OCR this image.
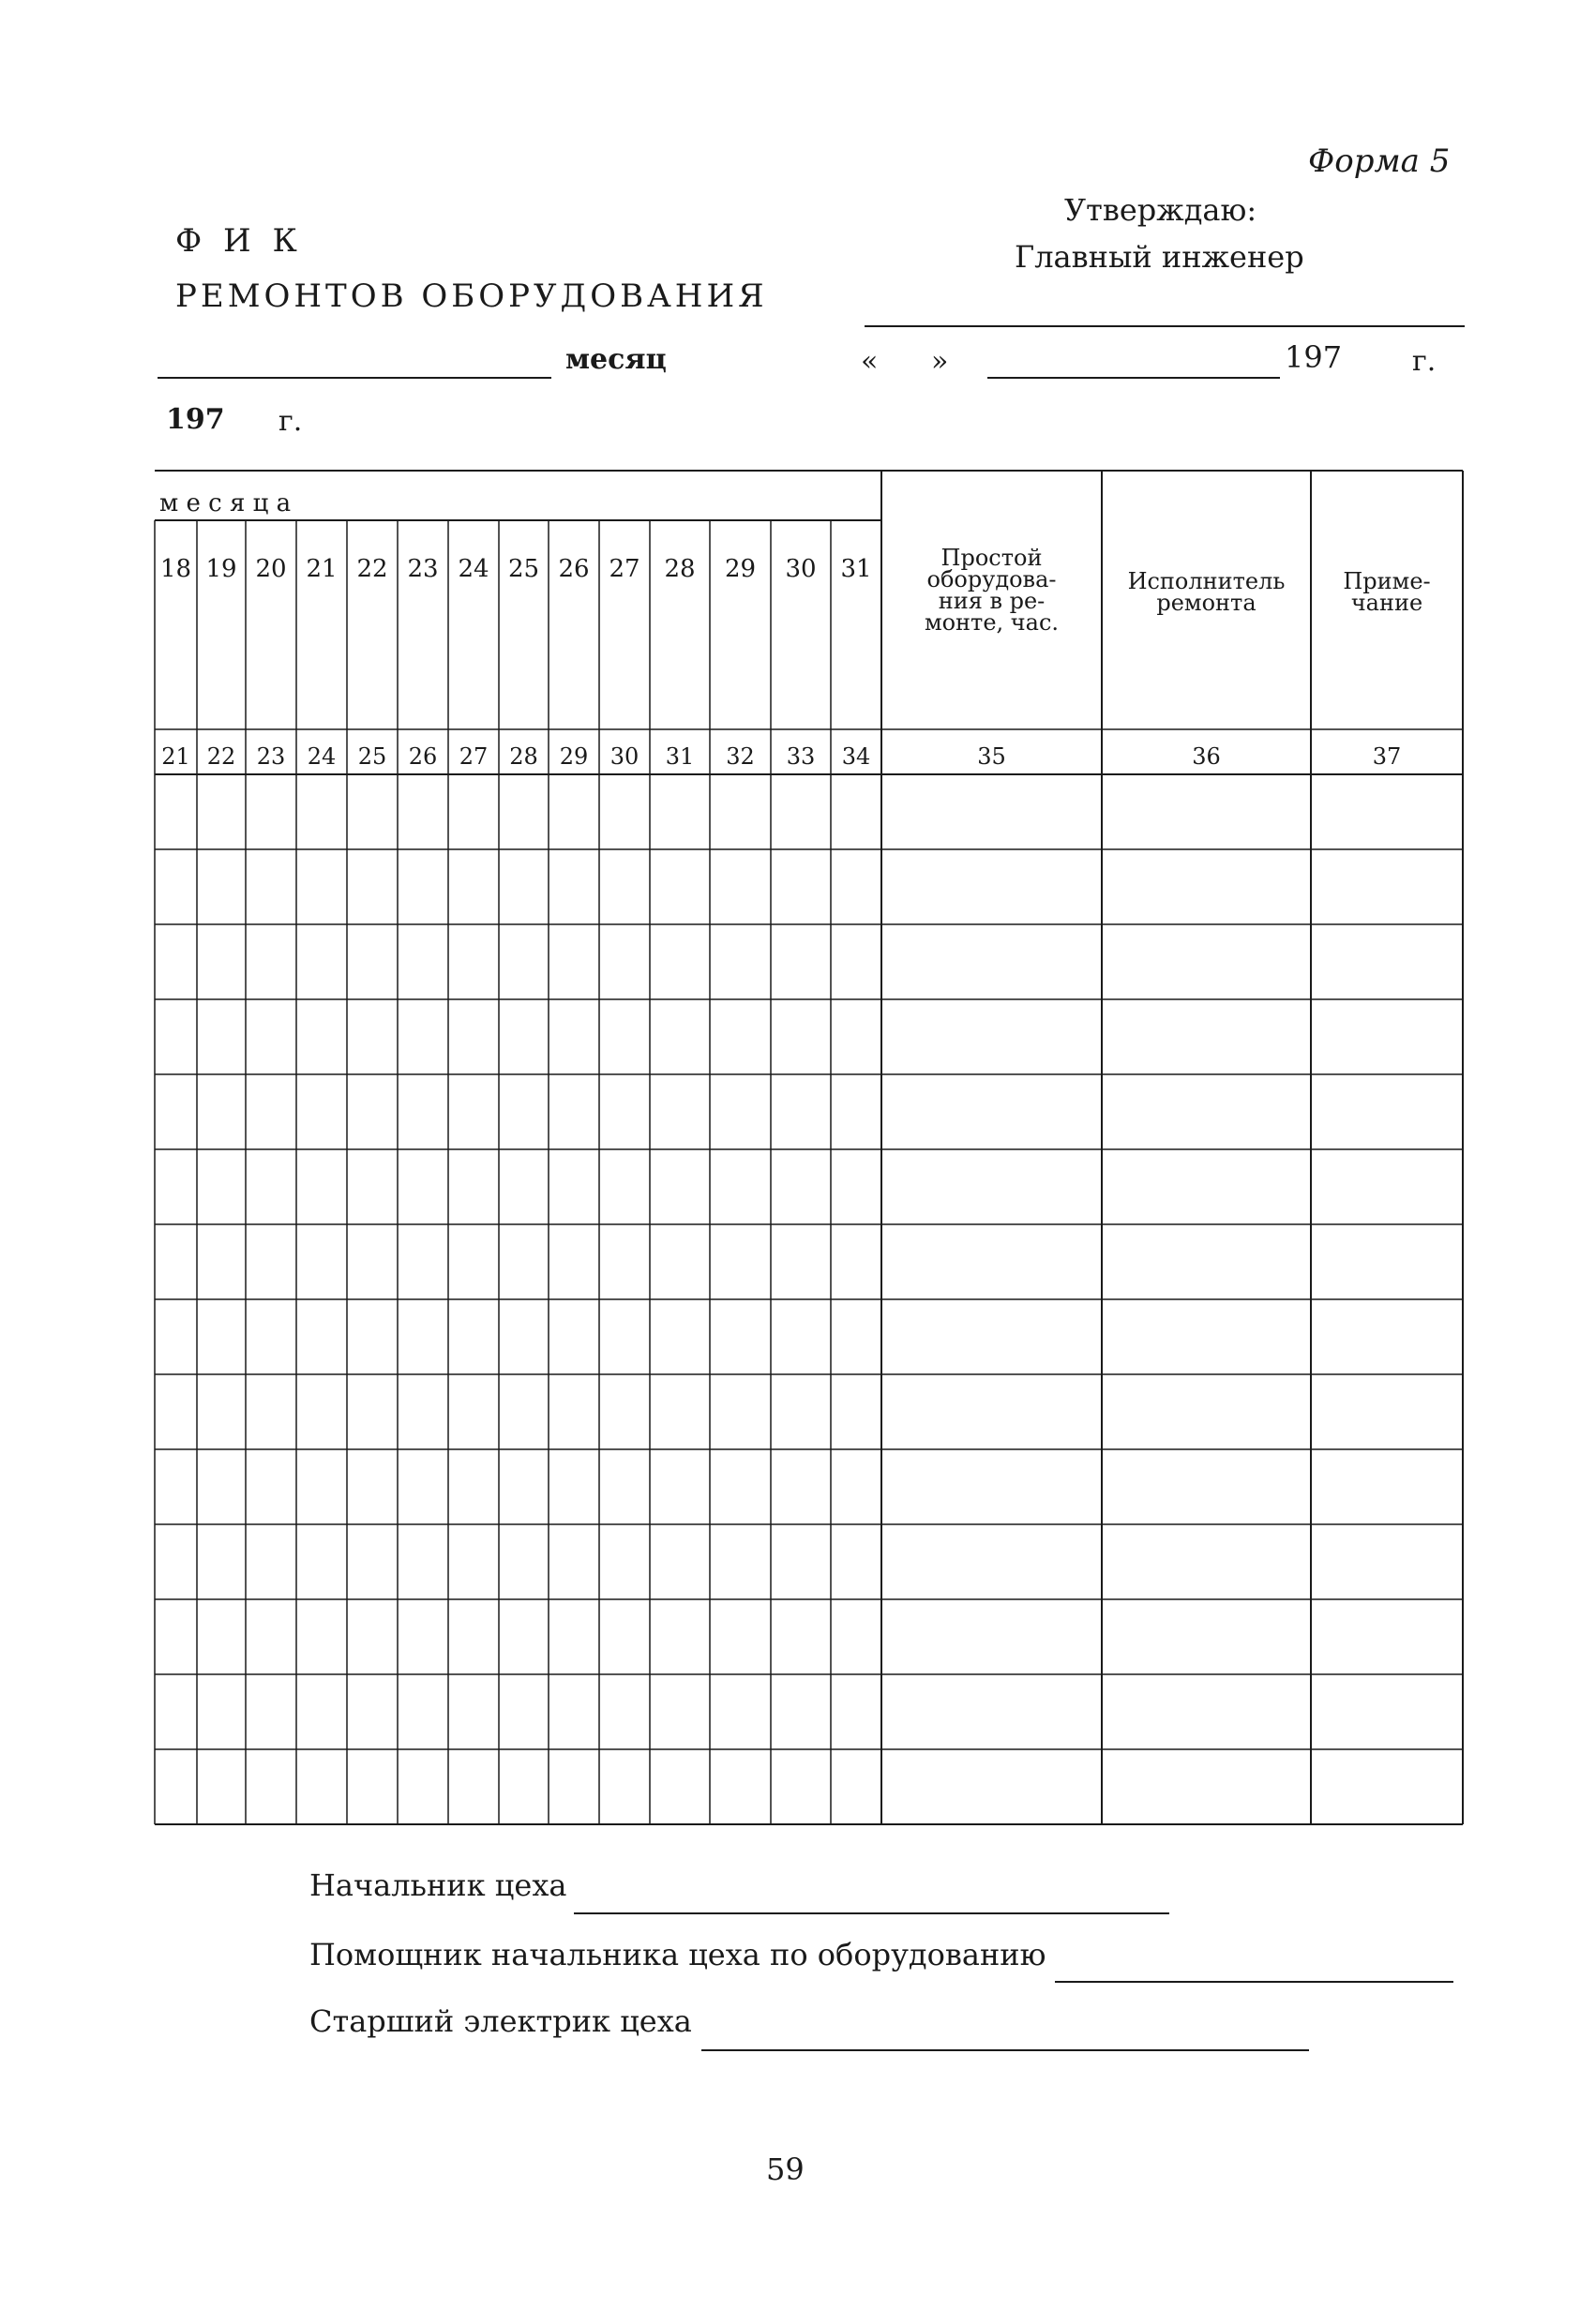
Форма 5
Утверждаю:
Главный инженер
Ф И К
РЕМОНТОВ ОБОРУДОВАНИЯ
месяц	« »	197 г.
197 г.
м е с я ц а
18
21
19
22
20
23
21
24
22
25
23
26
24
27
25
28
26
29
27
30
28
31
29
32
30
33
31
34
Простой
оборудова-
ния в ре-
монте, час.
35
Исполнитель
ремонта
36
Приме-
чание
37
Начальник цеха
Помощник начальника цеха по оборудованию
Старший электрик цеха
59
